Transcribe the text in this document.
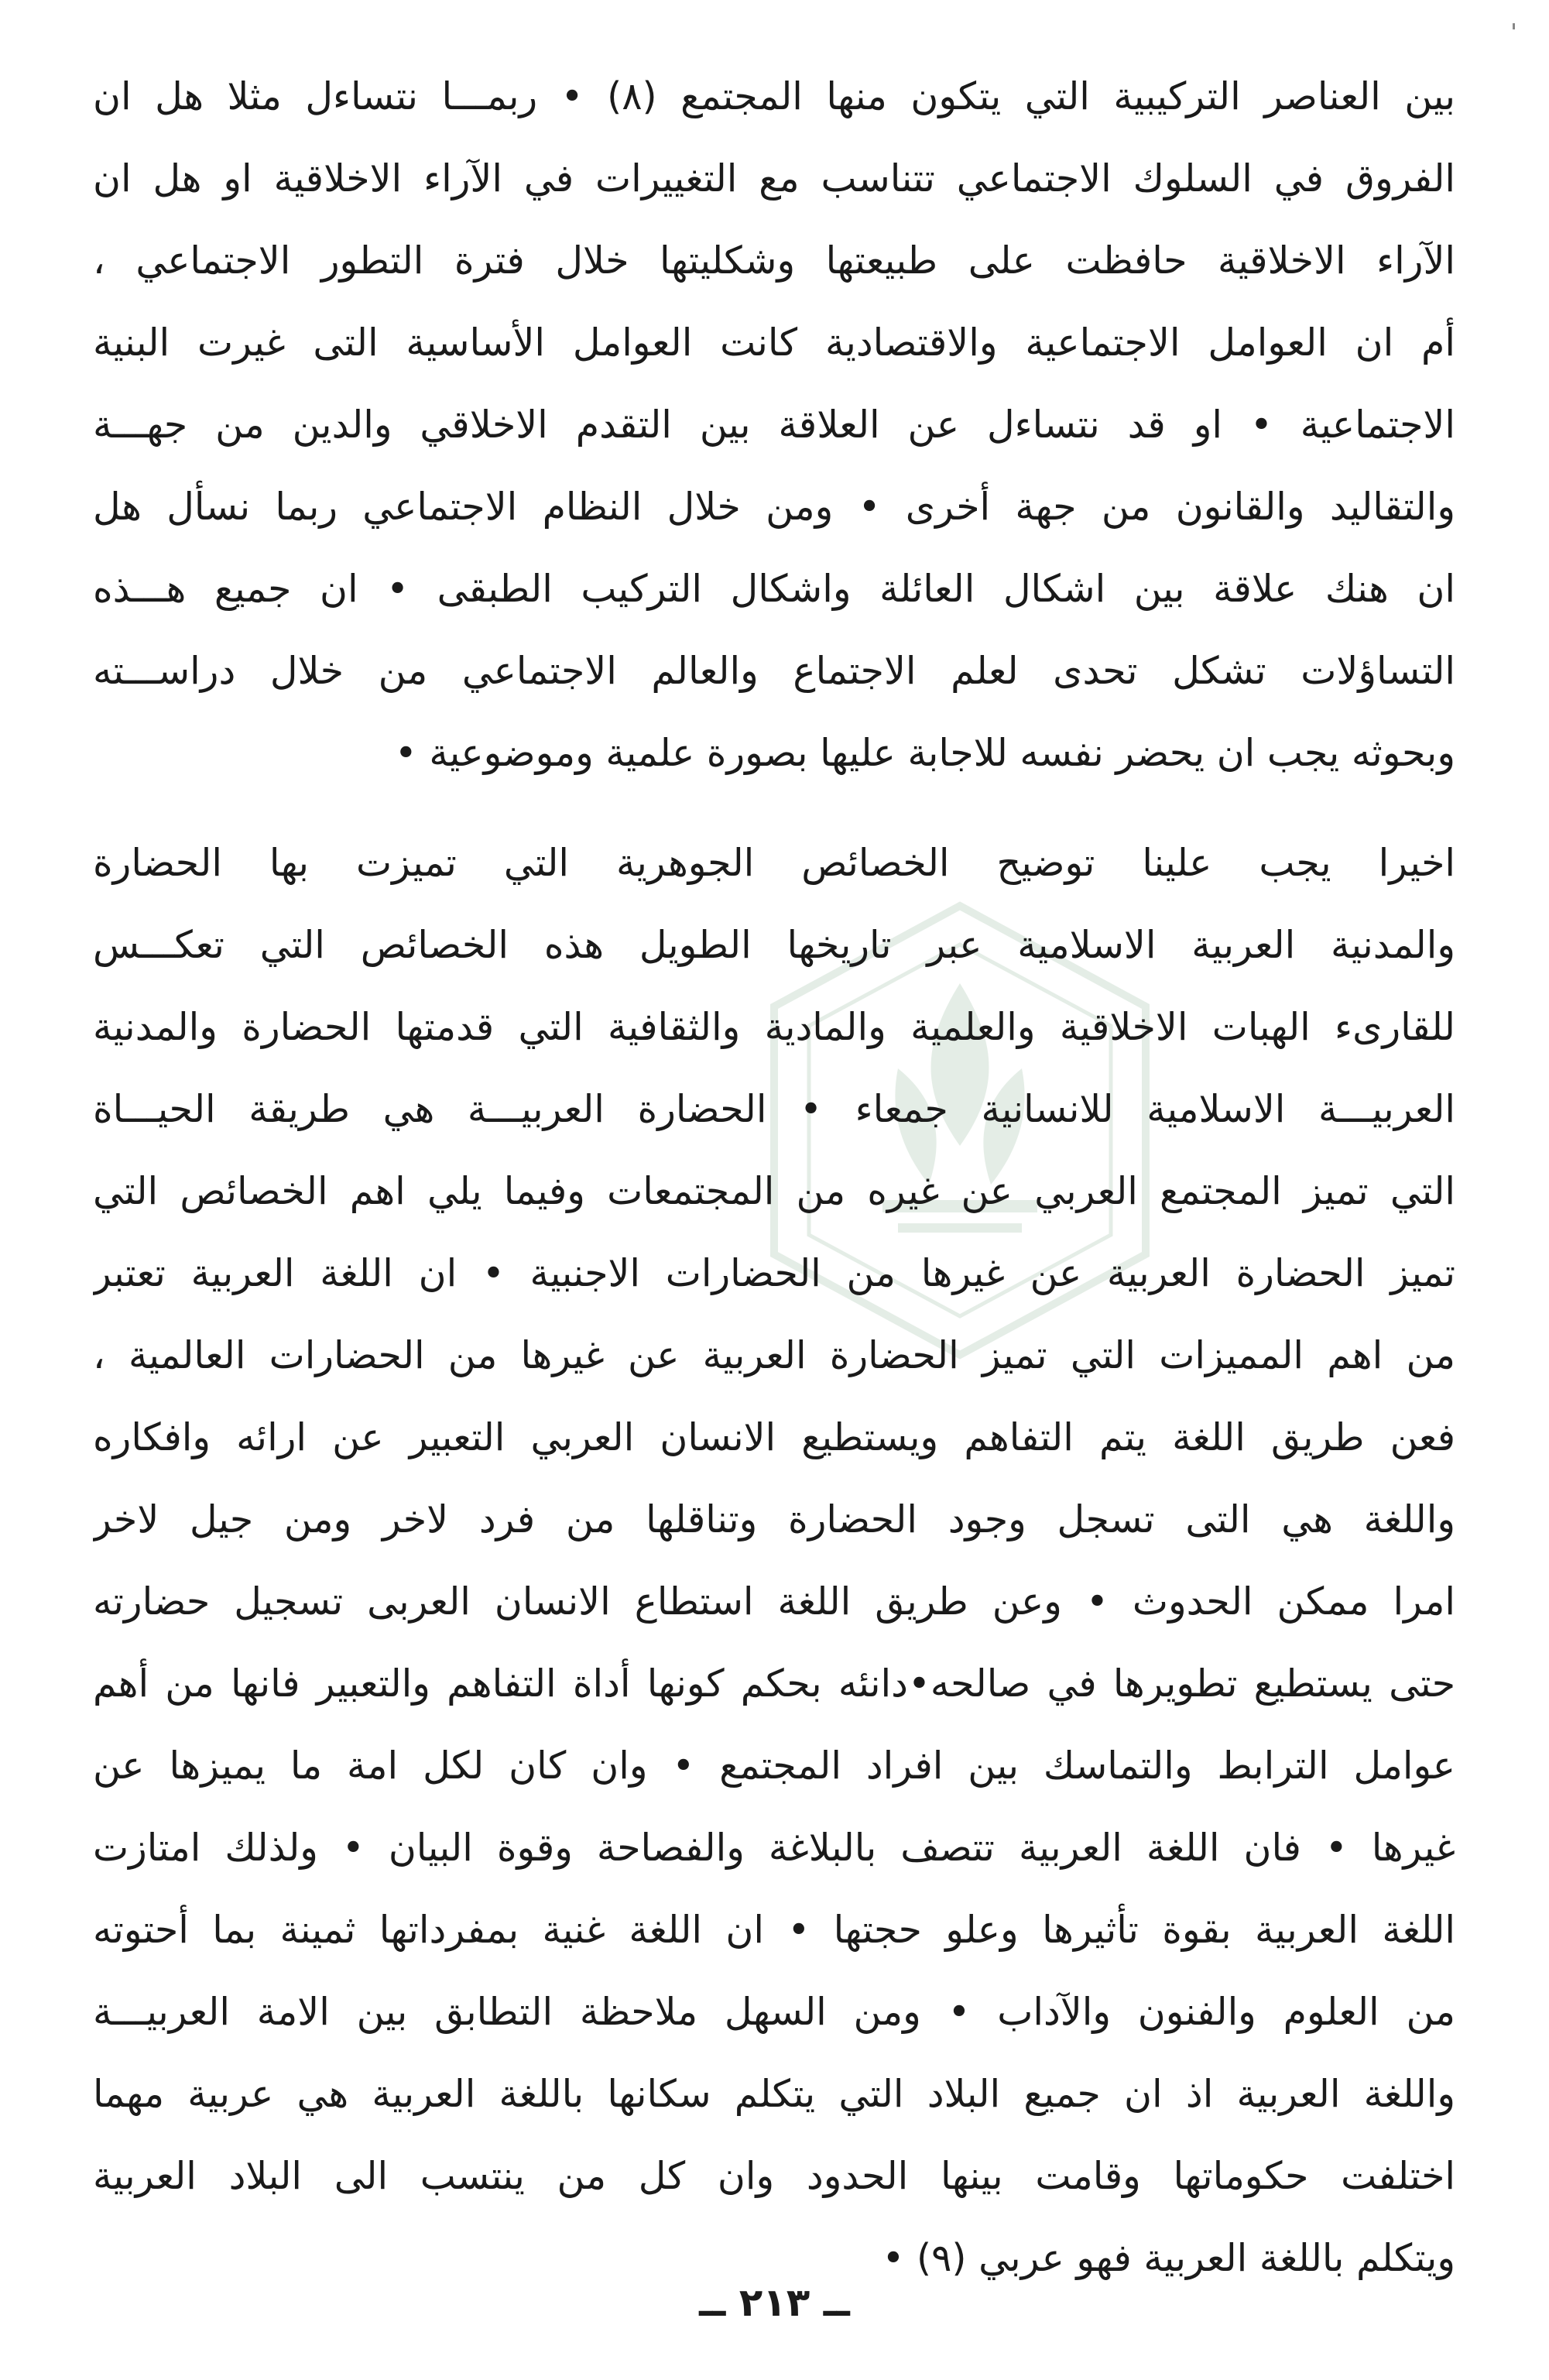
بين العناصر التركيبية التي يتكون منها المجتمع (٨) • ربمـــا نتساءل مثلا هل ان
الفروق في السلوك الاجتماعي تتناسب مع التغييرات في الآراء الاخلاقية او هل ان
الآراء الاخلاقية حافظت على طبيعتها وشكليتها خلال فترة التطور الاجتماعي ،
أم ان العوامل الاجتماعية والاقتصادية كانت العوامل الأساسية التى غيرت البنية
الاجتماعية • او قد نتساءل عن العلاقة بين التقدم الاخلاقي والدين من جهـــة
والتقاليد والقانون من جهة أخرى • ومن خلال النظام الاجتماعي ربما نسأل هل
ان هنك علاقة بين اشكال العائلة واشكال التركيب الطبقى • ان جميع هـــذه
التساؤلات تشكل تحدى لعلم الاجتماع والعالم الاجتماعي من خلال دراســـته
وبحوثه يجب ان يحضر نفسه للاجابة عليها بصورة علمية وموضوعية •
اخيرا يجب علينا توضيح الخصائص الجوهرية التي تميزت بها الحضارة
والمدنية العربية الاسلامية عبر تاريخها الطويل هذه الخصائص التي تعكـــس
للقارىء الهبات الاخلاقية والعلمية والمادية والثقافية التي قدمتها الحضارة والمدنية
العربيـــة الاسلامية للانسانية جمعاء • الحضارة العربيـــة هي طريقة الحيـــاة
التي تميز المجتمع العربي عن غيره من المجتمعات وفيما يلي اهم الخصائص التي
تميز الحضارة العربية عن غيرها من الحضارات الاجنبية • ان اللغة العربية تعتبر
من اهم المميزات التي تميز الحضارة العربية عن غيرها من الحضارات العالمية ،
فعن طريق اللغة يتم التفاهم ويستطيع الانسان العربي التعبير عن ارائه وافكاره
واللغة هي التى تسجل وجود الحضارة وتناقلها من فرد لاخر ومن جيل لاخر
امرا ممكن الحدوث • وعن طريق اللغة استطاع الانسان العربى تسجيل حضارته
حتى يستطيع تطويرها في صالحه•دانئه بحكم كونها أداة التفاهم والتعبير فانها من أهم
عوامل الترابط والتماسك بين افراد المجتمع • وان كان لكل امة ما يميزها عن
غيرها • فان اللغة العربية تتصف بالبلاغة والفصاحة وقوة البيان • ولذلك امتازت
اللغة العربية بقوة تأثيرها وعلو حجتها • ان اللغة غنية بمفرداتها ثمينة بما أحتوته
من العلوم والفنون والآداب • ومن السهل ملاحظة التطابق بين الامة العربيـــة
واللغة العربية اذ ان جميع البلاد التي يتكلم سكانها باللغة العربية هي عربية مهما
اختلفت حكوماتها وقامت بينها الحدود وان كل من ينتسب الى البلاد العربية
ويتكلم باللغة العربية فهو عربي (٩) •
ــ ٢١٣ ــ
